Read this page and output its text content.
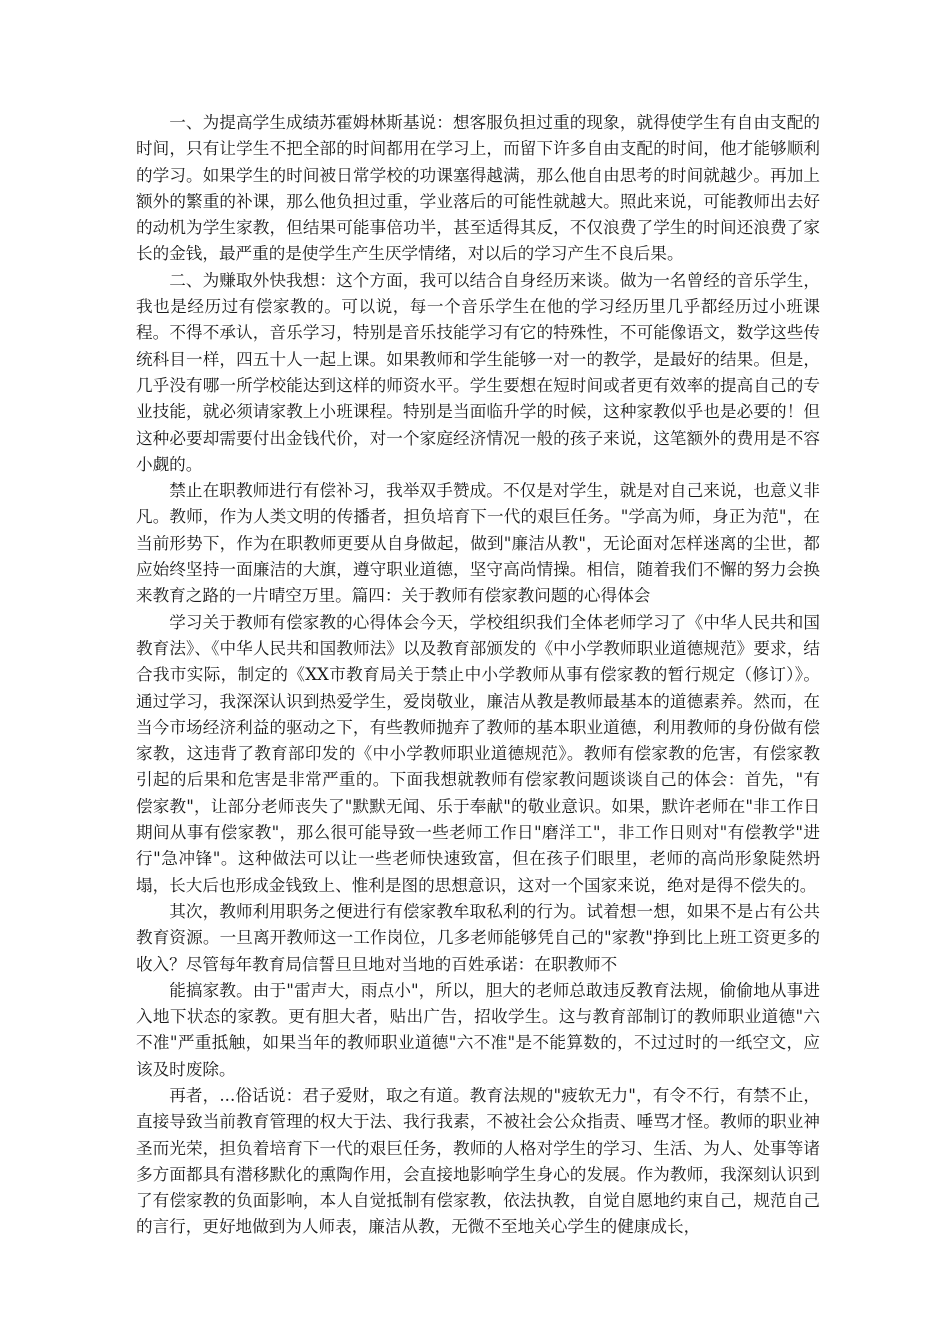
一、为提高学生成绩苏霍姆林斯基说：想客服负担过重的现象，就得使学生有自由支配的时间，只有让学生不把全部的时间都用在学习上，而留下许多自由支配的时间，他才能够顺利的学习。如果学生的时间被日常学校的功课塞得越满，那么他自由思考的时间就越少。再加上额外的繁重的补课，那么他负担过重，学业落后的可能性就越大。照此来说，可能教师出去好的动机为学生家教，但结果可能事倍功半，甚至适得其反，不仅浪费了学生的时间还浪费了家长的金钱，最严重的是使学生产生厌学情绪，对以后的学习产生不良后果。

二、为赚取外快我想：这个方面，我可以结合自身经历来谈。做为一名曾经的音乐学生，我也是经历过有偿家教的。可以说，每一个音乐学生在他的学习经历里几乎都经历过小班课程。不得不承认，音乐学习，特别是音乐技能学习有它的特殊性，不可能像语文，数学这些传统科目一样，四五十人一起上课。如果教师和学生能够一对一的教学，是最好的结果。但是，几乎没有哪一所学校能达到这样的师资水平。学生要想在短时间或者更有效率的提高自己的专业技能，就必须请家教上小班课程。特别是当面临升学的时候，这种家教似乎也是必要的！但这种必要却需要付出金钱代价，对一个家庭经济情况一般的孩子来说，这笔额外的费用是不容小觑的。

禁止在职教师进行有偿补习，我举双手赞成。不仅是对学生，就是对自己来说，也意义非凡。教师，作为人类文明的传播者，担负培育下一代的艰巨任务。"学高为师，身正为范"，在当前形势下，作为在职教师更要从自身做起，做到"廉洁从教"，无论面对怎样迷离的尘世，都应始终坚持一面廉洁的大旗，遵守职业道德，坚守高尚情操。相信，随着我们不懈的努力会换来教育之路的一片晴空万里。篇四：关于教师有偿家教问题的心得体会

学习关于教师有偿家教的心得体会今天，学校组织我们全体老师学习了《中华人民共和国教育法》、《中华人民共和国教师法》以及教育部颁发的《中小学教师职业道德规范》要求，结合我市实际，制定的《XX市教育局关于禁止中小学教师从事有偿家教的暂行规定（修订）》。通过学习，我深深认识到热爱学生，爱岗敬业，廉洁从教是教师最基本的道德素养。然而，在当今市场经济利益的驱动之下，有些教师抛弃了教师的基本职业道德，利用教师的身份做有偿家教，这违背了教育部印发的《中小学教师职业道德规范》。教师有偿家教的危害，有偿家教引起的后果和危害是非常严重的。下面我想就教师有偿家教问题谈谈自己的体会：首先，"有偿家教"，让部分老师丧失了"默默无闻、乐于奉献"的敬业意识。如果，默许老师在"非工作日期间从事有偿家教"，那么很可能导致一些老师工作日"磨洋工"，非工作日则对"有偿教学"进行"急冲锋"。这种做法可以让一些老师快速致富，但在孩子们眼里，老师的高尚形象陡然坍塌，长大后也形成金钱致上、惟利是图的思想意识，这对一个国家来说，绝对是得不偿失的。

其次，教师利用职务之便进行有偿家教牟取私利的行为。试着想一想，如果不是占有公共教育资源。一旦离开教师这一工作岗位，几多老师能够凭自己的"家教"挣到比上班工资更多的收入？尽管每年教育局信誓旦旦地对当地的百姓承诺：在职教师不

能搞家教。由于"雷声大，雨点小"，所以，胆大的老师总敢违反教育法规，偷偷地从事进入地下状态的家教。更有胆大者，贴出广告，招收学生。这与教育部制订的教师职业道德"六不准"严重抵触，如果当年的教师职业道德"六不准"是不能算数的，不过过时的一纸空文，应该及时废除。

再者，...俗话说：君子爱财，取之有道。教育法规的"疲软无力"，有令不行，有禁不止，直接导致当前教育管理的权大于法、我行我素，不被社会公众指责、唾骂才怪。教师的职业神圣而光荣，担负着培育下一代的艰巨任务，教师的人格对学生的学习、生活、为人、处事等诸多方面都具有潜移默化的熏陶作用，会直接地影响学生身心的发展。作为教师，我深刻认识到了有偿家教的负面影响，本人自觉抵制有偿家教，依法执教，自觉自愿地约束自己，规范自己的言行，更好地做到为人师表，廉洁从教，无微不至地关心学生的健康成长，
